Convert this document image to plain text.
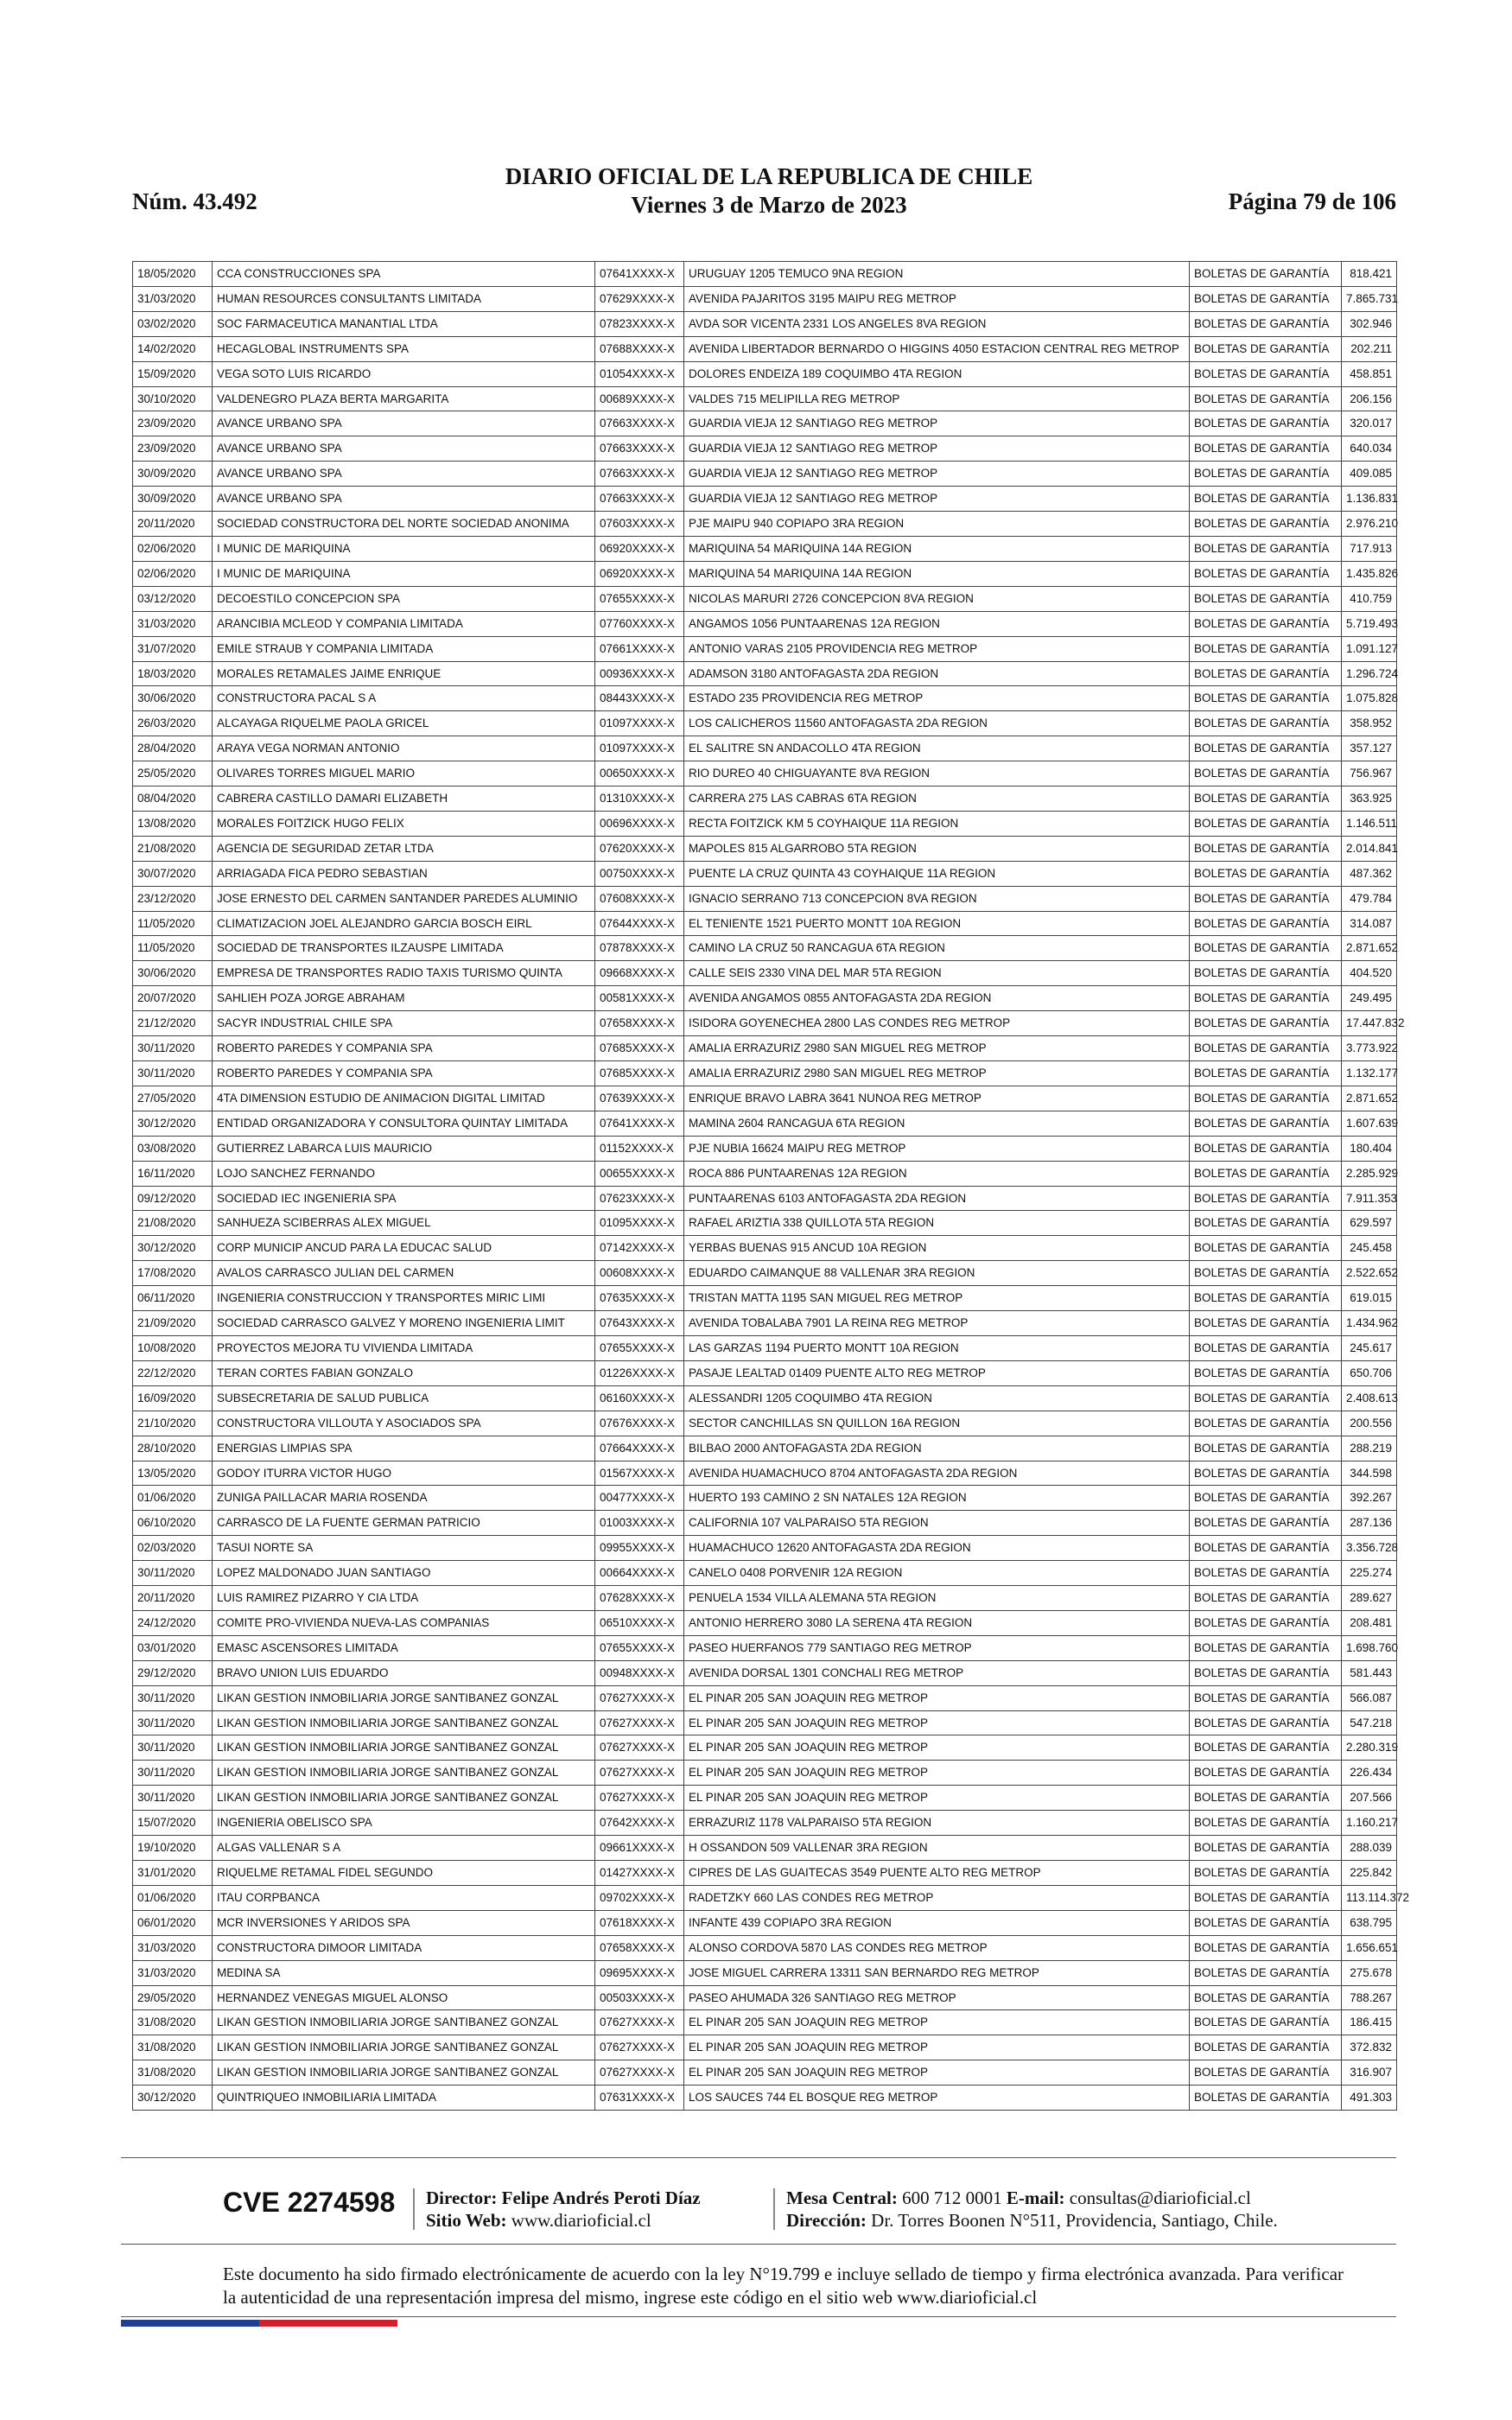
Núm. 43.492
DIARIO OFICIAL DE LA REPUBLICA DE CHILE
Viernes 3 de Marzo de 2023	Página 79 de 106
18/05/2020	CCA CONSTRUCCIONES SPA	07641XXXX-X	URUGUAY 1205 TEMUCO 9NA REGION	BOLETAS DE GARANTÍA	818.421
31/03/2020	HUMAN RESOURCES CONSULTANTS LIMITADA	07629XXXX-X	AVENIDA PAJARITOS 3195 MAIPU REG METROP	BOLETAS DE GARANTÍA	7.865.731
03/02/2020	SOC FARMACEUTICA MANANTIAL LTDA	07823XXXX-X	AVDA SOR VICENTA 2331 LOS ANGELES 8VA REGION	BOLETAS DE GARANTÍA	302.946
14/02/2020	HECAGLOBAL INSTRUMENTS SPA	07688XXXX-X	AVENIDA LIBERTADOR BERNARDO O HIGGINS 4050 ESTACION CENTRAL REG METROP	BOLETAS DE GARANTÍA	202.211
15/09/2020	VEGA SOTO LUIS RICARDO	01054XXXX-X	DOLORES ENDEIZA 189 COQUIMBO 4TA REGION	BOLETAS DE GARANTÍA	458.851
30/10/2020	VALDENEGRO PLAZA BERTA MARGARITA	00689XXXX-X	VALDES 715 MELIPILLA REG METROP	BOLETAS DE GARANTÍA	206.156
23/09/2020	AVANCE URBANO SPA	07663XXXX-X	GUARDIA VIEJA 12 SANTIAGO REG METROP	BOLETAS DE GARANTÍA	320.017
23/09/2020	AVANCE URBANO SPA	07663XXXX-X	GUARDIA VIEJA 12 SANTIAGO REG METROP	BOLETAS DE GARANTÍA	640.034
30/09/2020	AVANCE URBANO SPA	07663XXXX-X	GUARDIA VIEJA 12 SANTIAGO REG METROP	BOLETAS DE GARANTÍA	409.085
30/09/2020	AVANCE URBANO SPA	07663XXXX-X	GUARDIA VIEJA 12 SANTIAGO REG METROP	BOLETAS DE GARANTÍA	1.136.831
20/11/2020	SOCIEDAD CONSTRUCTORA DEL NORTE SOCIEDAD ANONIMA	07603XXXX-X	PJE MAIPU 940 COPIAPO 3RA REGION	BOLETAS DE GARANTÍA	2.976.210
02/06/2020	I MUNIC DE MARIQUINA	06920XXXX-X	MARIQUINA 54 MARIQUINA 14A REGION	BOLETAS DE GARANTÍA	717.913
02/06/2020	I MUNIC DE MARIQUINA	06920XXXX-X	MARIQUINA 54 MARIQUINA 14A REGION	BOLETAS DE GARANTÍA	1.435.826
03/12/2020	DECOESTILO CONCEPCION SPA	07655XXXX-X	NICOLAS MARURI 2726 CONCEPCION 8VA REGION	BOLETAS DE GARANTÍA	410.759
31/03/2020	ARANCIBIA MCLEOD Y COMPANIA LIMITADA	07760XXXX-X	ANGAMOS 1056 PUNTAARENAS 12A REGION	BOLETAS DE GARANTÍA	5.719.493
31/07/2020	EMILE STRAUB Y COMPANIA LIMITADA	07661XXXX-X	ANTONIO VARAS 2105 PROVIDENCIA REG METROP	BOLETAS DE GARANTÍA	1.091.127
18/03/2020	MORALES RETAMALES JAIME ENRIQUE	00936XXXX-X	ADAMSON 3180 ANTOFAGASTA 2DA REGION	BOLETAS DE GARANTÍA	1.296.724
30/06/2020	CONSTRUCTORA PACAL S A	08443XXXX-X	ESTADO 235 PROVIDENCIA REG METROP	BOLETAS DE GARANTÍA	1.075.828
26/03/2020	ALCAYAGA RIQUELME PAOLA GRICEL	01097XXXX-X	LOS CALICHEROS 11560 ANTOFAGASTA 2DA REGION	BOLETAS DE GARANTÍA	358.952
28/04/2020	ARAYA VEGA NORMAN ANTONIO	01097XXXX-X	EL SALITRE SN ANDACOLLO 4TA REGION	BOLETAS DE GARANTÍA	357.127
25/05/2020	OLIVARES TORRES MIGUEL MARIO	00650XXXX-X	RIO DUREO 40 CHIGUAYANTE 8VA REGION	BOLETAS DE GARANTÍA	756.967
08/04/2020	CABRERA CASTILLO DAMARI ELIZABETH	01310XXXX-X	CARRERA 275 LAS CABRAS 6TA REGION	BOLETAS DE GARANTÍA	363.925
13/08/2020	MORALES FOITZICK HUGO FELIX	00696XXXX-X	RECTA FOITZICK KM 5 COYHAIQUE 11A REGION	BOLETAS DE GARANTÍA	1.146.511
21/08/2020	AGENCIA DE SEGURIDAD ZETAR LTDA	07620XXXX-X	MAPOLES 815 ALGARROBO 5TA REGION	BOLETAS DE GARANTÍA	2.014.841
30/07/2020	ARRIAGADA FICA PEDRO SEBASTIAN	00750XXXX-X	PUENTE LA CRUZ QUINTA 43 COYHAIQUE 11A REGION	BOLETAS DE GARANTÍA	487.362
23/12/2020	JOSE ERNESTO DEL CARMEN SANTANDER PAREDES ALUMINIO	07608XXXX-X	IGNACIO SERRANO 713 CONCEPCION 8VA REGION	BOLETAS DE GARANTÍA	479.784
11/05/2020	CLIMATIZACION JOEL ALEJANDRO GARCIA BOSCH EIRL	07644XXXX-X	EL TENIENTE 1521 PUERTO MONTT 10A REGION	BOLETAS DE GARANTÍA	314.087
11/05/2020	SOCIEDAD DE TRANSPORTES ILZAUSPE LIMITADA	07878XXXX-X	CAMINO LA CRUZ 50 RANCAGUA 6TA REGION	BOLETAS DE GARANTÍA	2.871.652
30/06/2020	EMPRESA DE TRANSPORTES RADIO TAXIS TURISMO QUINTA	09668XXXX-X	CALLE SEIS 2330 VINA DEL MAR 5TA REGION	BOLETAS DE GARANTÍA	404.520
20/07/2020	SAHLIEH POZA JORGE ABRAHAM	00581XXXX-X	AVENIDA ANGAMOS 0855 ANTOFAGASTA 2DA REGION	BOLETAS DE GARANTÍA	249.495
21/12/2020	SACYR INDUSTRIAL CHILE SPA	07658XXXX-X	ISIDORA GOYENECHEA 2800 LAS CONDES REG METROP	BOLETAS DE GARANTÍA	17.447.832
30/11/2020	ROBERTO PAREDES Y COMPANIA SPA	07685XXXX-X	AMALIA ERRAZURIZ 2980 SAN MIGUEL REG METROP	BOLETAS DE GARANTÍA	3.773.922
30/11/2020	ROBERTO PAREDES Y COMPANIA SPA	07685XXXX-X	AMALIA ERRAZURIZ 2980 SAN MIGUEL REG METROP	BOLETAS DE GARANTÍA	1.132.177
27/05/2020	4TA DIMENSION ESTUDIO DE ANIMACION DIGITAL LIMITAD	07639XXXX-X	ENRIQUE BRAVO LABRA 3641 NUNOA REG METROP	BOLETAS DE GARANTÍA	2.871.652
30/12/2020	ENTIDAD ORGANIZADORA Y CONSULTORA QUINTAY LIMITADA	07641XXXX-X	MAMINA 2604 RANCAGUA 6TA REGION	BOLETAS DE GARANTÍA	1.607.639
03/08/2020	GUTIERREZ LABARCA LUIS MAURICIO	01152XXXX-X	PJE NUBIA 16624 MAIPU REG METROP	BOLETAS DE GARANTÍA	180.404
16/11/2020	LOJO SANCHEZ FERNANDO	00655XXXX-X	ROCA 886 PUNTAARENAS 12A REGION	BOLETAS DE GARANTÍA	2.285.929
09/12/2020	SOCIEDAD IEC INGENIERIA SPA	07623XXXX-X	PUNTAARENAS 6103 ANTOFAGASTA 2DA REGION	BOLETAS DE GARANTÍA	7.911.353
21/08/2020	SANHUEZA SCIBERRAS ALEX MIGUEL	01095XXXX-X	RAFAEL ARIZTIA 338 QUILLOTA 5TA REGION	BOLETAS DE GARANTÍA	629.597
30/12/2020	CORP MUNICIP ANCUD PARA LA EDUCAC SALUD	07142XXXX-X	YERBAS BUENAS 915 ANCUD 10A REGION	BOLETAS DE GARANTÍA	245.458
17/08/2020	AVALOS CARRASCO JULIAN DEL CARMEN	00608XXXX-X	EDUARDO CAIMANQUE 88 VALLENAR 3RA REGION	BOLETAS DE GARANTÍA	2.522.652
06/11/2020	INGENIERIA CONSTRUCCION Y TRANSPORTES MIRIC LIMI	07635XXXX-X	TRISTAN MATTA 1195 SAN MIGUEL REG METROP	BOLETAS DE GARANTÍA	619.015
21/09/2020	SOCIEDAD CARRASCO GALVEZ Y MORENO INGENIERIA LIMIT	07643XXXX-X	AVENIDA TOBALABA 7901 LA REINA REG METROP	BOLETAS DE GARANTÍA	1.434.962
10/08/2020	PROYECTOS MEJORA TU VIVIENDA LIMITADA	07655XXXX-X	LAS GARZAS 1194 PUERTO MONTT 10A REGION	BOLETAS DE GARANTÍA	245.617
22/12/2020	TERAN CORTES FABIAN GONZALO	01226XXXX-X	PASAJE LEALTAD 01409 PUENTE ALTO REG METROP	BOLETAS DE GARANTÍA	650.706
16/09/2020	SUBSECRETARIA DE SALUD PUBLICA	06160XXXX-X	ALESSANDRI 1205 COQUIMBO 4TA REGION	BOLETAS DE GARANTÍA	2.408.613
21/10/2020	CONSTRUCTORA VILLOUTA Y ASOCIADOS SPA	07676XXXX-X	SECTOR CANCHILLAS SN QUILLON 16A REGION	BOLETAS DE GARANTÍA	200.556
28/10/2020	ENERGIAS LIMPIAS SPA	07664XXXX-X	BILBAO 2000 ANTOFAGASTA 2DA REGION	BOLETAS DE GARANTÍA	288.219
13/05/2020	GODOY ITURRA VICTOR HUGO	01567XXXX-X	AVENIDA HUAMACHUCO 8704 ANTOFAGASTA 2DA REGION	BOLETAS DE GARANTÍA	344.598
01/06/2020	ZUNIGA PAILLACAR MARIA ROSENDA	00477XXXX-X	HUERTO 193 CAMINO 2 SN NATALES 12A REGION	BOLETAS DE GARANTÍA	392.267
06/10/2020	CARRASCO DE LA FUENTE GERMAN PATRICIO	01003XXXX-X	CALIFORNIA 107 VALPARAISO 5TA REGION	BOLETAS DE GARANTÍA	287.136
02/03/2020	TASUI NORTE SA	09955XXXX-X	HUAMACHUCO 12620 ANTOFAGASTA 2DA REGION	BOLETAS DE GARANTÍA	3.356.728
30/11/2020	LOPEZ MALDONADO JUAN SANTIAGO	00664XXXX-X	CANELO 0408 PORVENIR 12A REGION	BOLETAS DE GARANTÍA	225.274
20/11/2020	LUIS RAMIREZ PIZARRO Y CIA LTDA	07628XXXX-X	PENUELA 1534 VILLA ALEMANA 5TA REGION	BOLETAS DE GARANTÍA	289.627
24/12/2020	COMITE PRO-VIVIENDA NUEVA-LAS COMPANIAS	06510XXXX-X	ANTONIO HERRERO 3080 LA SERENA 4TA REGION	BOLETAS DE GARANTÍA	208.481
03/01/2020	EMASC ASCENSORES LIMITADA	07655XXXX-X	PASEO HUERFANOS 779 SANTIAGO REG METROP	BOLETAS DE GARANTÍA	1.698.760
29/12/2020	BRAVO UNION LUIS EDUARDO	00948XXXX-X	AVENIDA DORSAL 1301 CONCHALI REG METROP	BOLETAS DE GARANTÍA	581.443
30/11/2020	LIKAN GESTION INMOBILIARIA JORGE SANTIBANEZ GONZAL	07627XXXX-X	EL PINAR 205 SAN JOAQUIN REG METROP	BOLETAS DE GARANTÍA	566.087
30/11/2020	LIKAN GESTION INMOBILIARIA JORGE SANTIBANEZ GONZAL	07627XXXX-X	EL PINAR 205 SAN JOAQUIN REG METROP	BOLETAS DE GARANTÍA	547.218
30/11/2020	LIKAN GESTION INMOBILIARIA JORGE SANTIBANEZ GONZAL	07627XXXX-X	EL PINAR 205 SAN JOAQUIN REG METROP	BOLETAS DE GARANTÍA	2.280.319
30/11/2020	LIKAN GESTION INMOBILIARIA JORGE SANTIBANEZ GONZAL	07627XXXX-X	EL PINAR 205 SAN JOAQUIN REG METROP	BOLETAS DE GARANTÍA	226.434
30/11/2020	LIKAN GESTION INMOBILIARIA JORGE SANTIBANEZ GONZAL	07627XXXX-X	EL PINAR 205 SAN JOAQUIN REG METROP	BOLETAS DE GARANTÍA	207.566
15/07/2020	INGENIERIA OBELISCO SPA	07642XXXX-X	ERRAZURIZ 1178 VALPARAISO 5TA REGION	BOLETAS DE GARANTÍA	1.160.217
19/10/2020	ALGAS VALLENAR S A	09661XXXX-X	H OSSANDON 509 VALLENAR 3RA REGION	BOLETAS DE GARANTÍA	288.039
31/01/2020	RIQUELME RETAMAL FIDEL SEGUNDO	01427XXXX-X	CIPRES DE LAS GUAITECAS 3549 PUENTE ALTO REG METROP	BOLETAS DE GARANTÍA	225.842
01/06/2020	ITAU CORPBANCA	09702XXXX-X	RADETZKY 660 LAS CONDES REG METROP	BOLETAS DE GARANTÍA	113.114.372
06/01/2020	MCR INVERSIONES Y ARIDOS SPA	07618XXXX-X	INFANTE 439 COPIAPO 3RA REGION	BOLETAS DE GARANTÍA	638.795
31/03/2020	CONSTRUCTORA DIMOOR LIMITADA	07658XXXX-X	ALONSO CORDOVA 5870 LAS CONDES REG METROP	BOLETAS DE GARANTÍA	1.656.651
31/03/2020	MEDINA SA	09695XXXX-X	JOSE MIGUEL CARRERA 13311 SAN BERNARDO REG METROP	BOLETAS DE GARANTÍA	275.678
29/05/2020	HERNANDEZ VENEGAS MIGUEL ALONSO	00503XXXX-X	PASEO AHUMADA 326 SANTIAGO REG METROP	BOLETAS DE GARANTÍA	788.267
31/08/2020	LIKAN GESTION INMOBILIARIA JORGE SANTIBANEZ GONZAL	07627XXXX-X	EL PINAR 205 SAN JOAQUIN REG METROP	BOLETAS DE GARANTÍA	186.415
31/08/2020	LIKAN GESTION INMOBILIARIA JORGE SANTIBANEZ GONZAL	07627XXXX-X	EL PINAR 205 SAN JOAQUIN REG METROP	BOLETAS DE GARANTÍA	372.832
31/08/2020	LIKAN GESTION INMOBILIARIA JORGE SANTIBANEZ GONZAL	07627XXXX-X	EL PINAR 205 SAN JOAQUIN REG METROP	BOLETAS DE GARANTÍA	316.907
30/12/2020	QUINTRIQUEO INMOBILIARIA LIMITADA	07631XXXX-X	LOS SAUCES 744 EL BOSQUE REG METROP	BOLETAS DE GARANTÍA	491.303
CVE 2274598 Director: Felipe Andrés Peroti Díaz
Sitio Web: www.diarioficial.cl
Mesa Central: 600 712 0001 E-mail: consultas@diarioficial.cl
Dirección: Dr. Torres Boonen N°511, Providencia, Santiago, Chile.
Este documento ha sido firmado electrónicamente de acuerdo con la ley N°19.799 e incluye sellado de tiempo y firma electrónica avanzada. Para verificar la autenticidad de una representación impresa del mismo, ingrese este código en el sitio web www.diarioficial.cl
